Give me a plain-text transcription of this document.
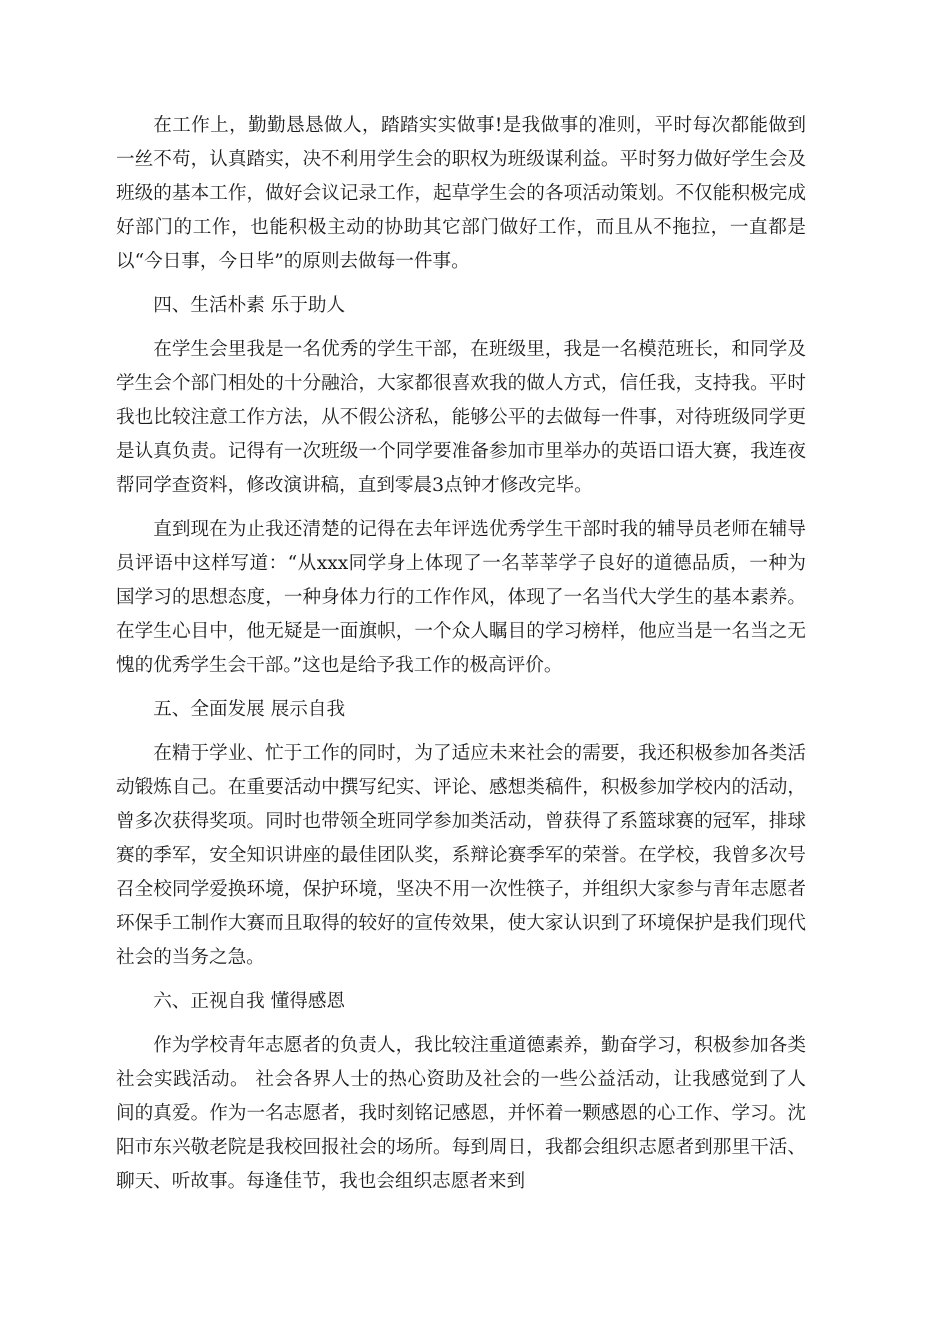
在工作上，勤勤恳恳做人，踏踏实实做事!是我做事的准则，平时每次都能做到一丝不苟，认真踏实，决不利用学生会的职权为班级谋利益。平时努力做好学生会及班级的基本工作，做好会议记录工作，起草学生会的各项活动策划。不仅能积极完成好部门的工作，也能积极主动的协助其它部门做好工作，而且从不拖拉，一直都是以“今日事，今日毕”的原则去做每一件事。

四、生活朴素 乐于助人

在学生会里我是一名优秀的学生干部，在班级里，我是一名模范班长，和同学及学生会个部门相处的十分融洽，大家都很喜欢我的做人方式，信任我，支持我。平时我也比较注意工作方法，从不假公济私，能够公平的去做每一件事，对待班级同学更是认真负责。记得有一次班级一个同学要准备参加市里举办的英语口语大赛，我连夜帮同学查资料，修改演讲稿，直到零晨3点钟才修改完毕。

直到现在为止我还清楚的记得在去年评选优秀学生干部时我的辅导员老师在辅导员评语中这样写道：“从xxx同学身上体现了一名莘莘学子良好的道德品质，一种为国学习的思想态度，一种身体力行的工作作风，体现了一名当代大学生的基本素养。在学生心目中，他无疑是一面旗帜，一个众人瞩目的学习榜样，他应当是一名当之无愧的优秀学生会干部。”这也是给予我工作的极高评价。

五、全面发展 展示自我

在精于学业、忙于工作的同时，为了适应未来社会的需要，我还积极参加各类活动锻炼自己。在重要活动中撰写纪实、评论、感想类稿件，积极参加学校内的活动，曾多次获得奖项。同时也带领全班同学参加类活动，曾获得了系篮球赛的冠军，排球赛的季军，安全知识讲座的最佳团队奖，系辩论赛季军的荣誉。在学校，我曾多次号召全校同学爱换环境，保护环境，坚决不用一次性筷子，并组织大家参与青年志愿者环保手工制作大赛而且取得的较好的宣传效果，使大家认识到了环境保护是我们现代社会的当务之急。

六、正视自我 懂得感恩

作为学校青年志愿者的负责人，我比较注重道德素养，勤奋学习，积极参加各类社会实践活动。 社会各界人士的热心资助及社会的一些公益活动，让我感觉到了人间的真爱。作为一名志愿者，我时刻铭记感恩，并怀着一颗感恩的心工作、学习。沈阳市东兴敬老院是我校回报社会的场所。每到周日，我都会组织志愿者到那里干活、聊天、听故事。每逢佳节，我也会组织志愿者来到
